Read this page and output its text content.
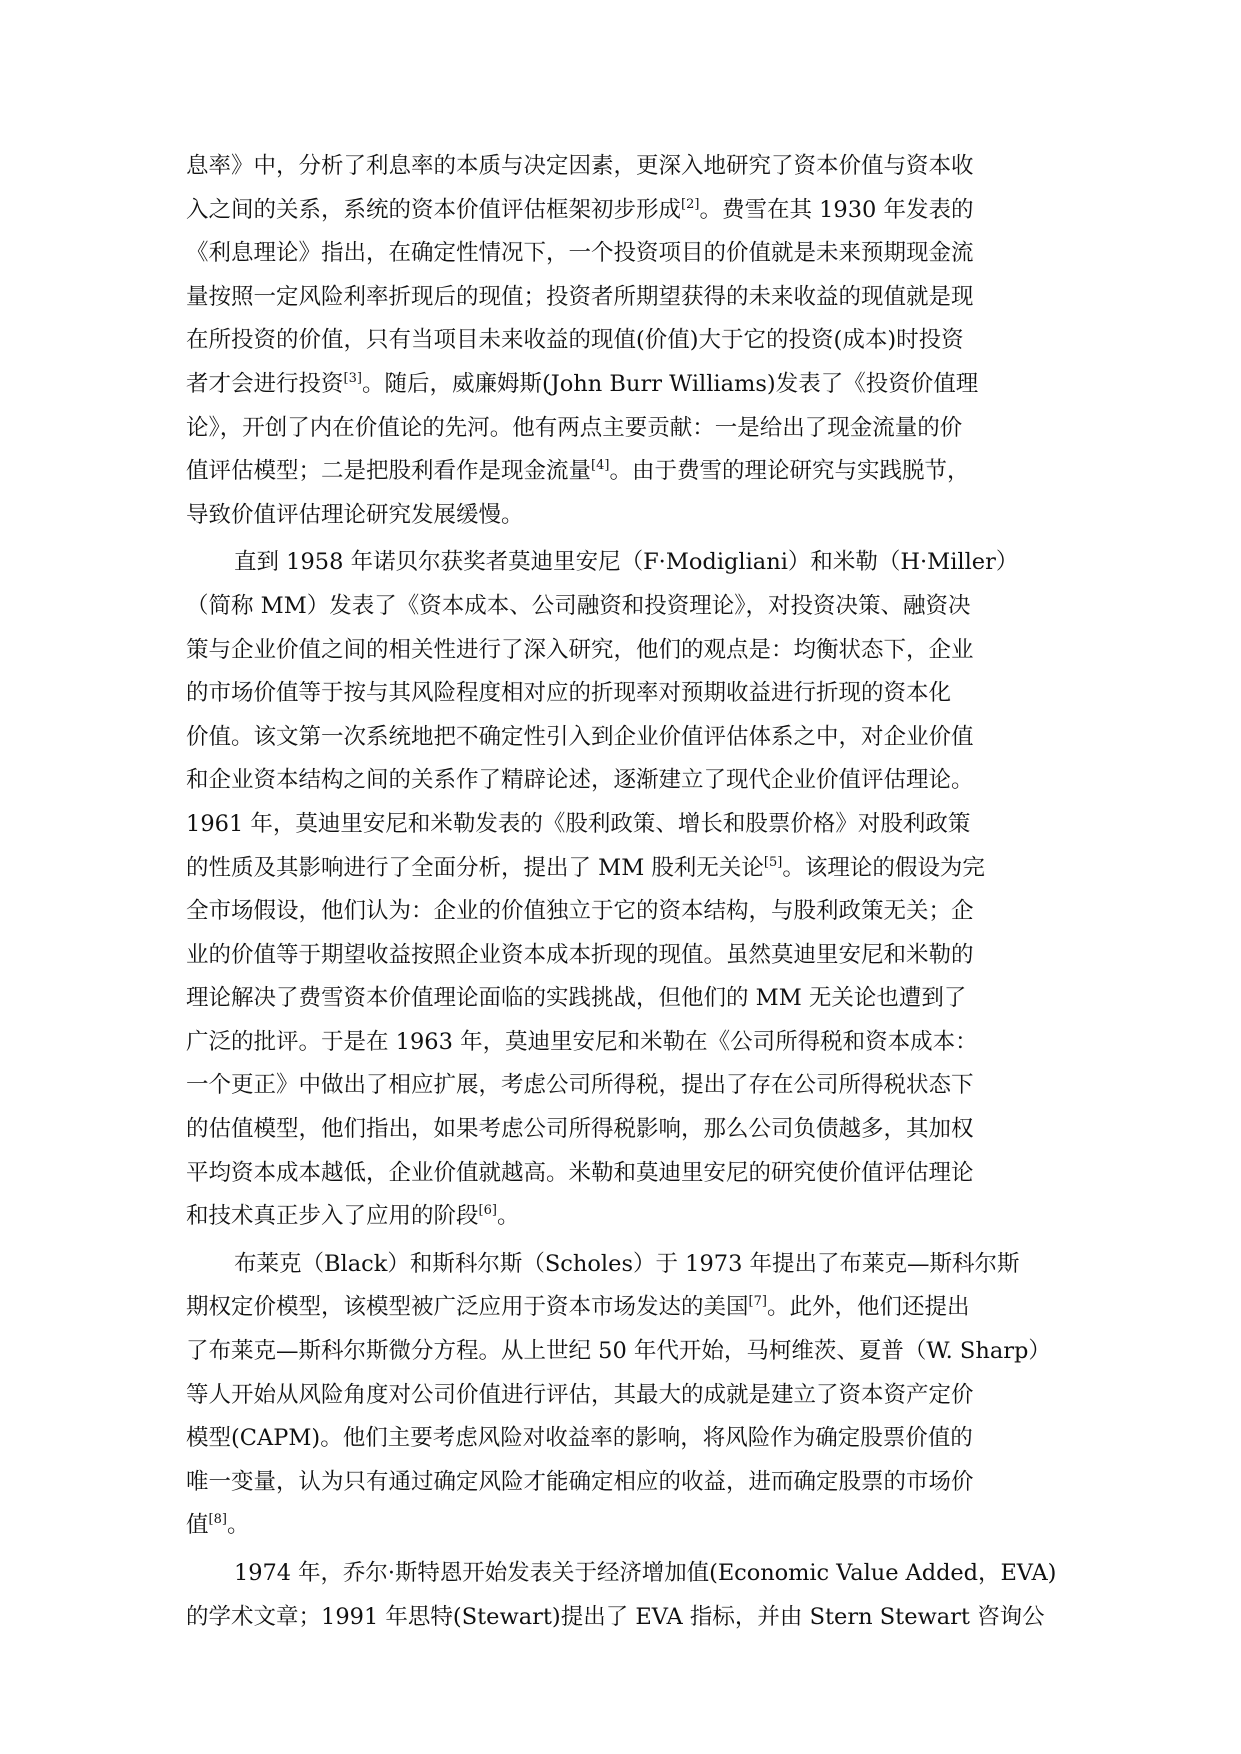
息率》中，分析了利息率的本质与决定因素，更深入地研究了资本价值与资本收
入之间的关系，系统的资本价值评估框架初步形成[2]。费雪在其 1930 年发表的
《利息理论》指出，在确定性情况下，一个投资项目的价值就是未来预期现金流
量按照一定风险利率折现后的现值；投资者所期望获得的未来收益的现值就是现
在所投资的价值，只有当项目未来收益的现值(价值)大于它的投资(成本)时投资
者才会进行投资[3]。随后，威廉姆斯(John Burr Williams)发表了《投资价值理
论》，开创了内在价值论的先河。他有两点主要贡献：一是给出了现金流量的价
值评估模型；二是把股利看作是现金流量[4]。由于费雪的理论研究与实践脱节，
导致价值评估理论研究发展缓慢。
直到 1958 年诺贝尔获奖者莫迪里安尼（F·Modigliani）和米勒（H·Miller）
（简称 MM）发表了《资本成本、公司融资和投资理论》，对投资决策、融资决
策与企业价值之间的相关性进行了深入研究，他们的观点是：均衡状态下，企业
的市场价值等于按与其风险程度相对应的折现率对预期收益进行折现的资本化
价值。该文第一次系统地把不确定性引入到企业价值评估体系之中，对企业价值
和企业资本结构之间的关系作了精辟论述，逐渐建立了现代企业价值评估理论。
1961 年，莫迪里安尼和米勒发表的《股利政策、增长和股票价格》对股利政策
的性质及其影响进行了全面分析，提出了 MM 股利无关论[5]。该理论的假设为完
全市场假设，他们认为：企业的价值独立于它的资本结构，与股利政策无关；企
业的价值等于期望收益按照企业资本成本折现的现值。虽然莫迪里安尼和米勒的
理论解决了费雪资本价值理论面临的实践挑战，但他们的 MM 无关论也遭到了
广泛的批评。于是在 1963 年，莫迪里安尼和米勒在《公司所得税和资本成本：
一个更正》中做出了相应扩展，考虑公司所得税，提出了存在公司所得税状态下
的估值模型，他们指出，如果考虑公司所得税影响，那么公司负债越多，其加权
平均资本成本越低，企业价值就越高。米勒和莫迪里安尼的研究使价值评估理论
和技术真正步入了应用的阶段[6]。
布莱克（Black）和斯科尔斯（Scholes）于 1973 年提出了布莱克—斯科尔斯
期权定价模型，该模型被广泛应用于资本市场发达的美国[7]。此外，他们还提出
了布莱克—斯科尔斯微分方程。从上世纪 50 年代开始，马柯维茨、夏普（W. Sharp）
等人开始从风险角度对公司价值进行评估，其最大的成就是建立了资本资产定价
模型(CAPM)。他们主要考虑风险对收益率的影响，将风险作为确定股票价值的
唯一变量，认为只有通过确定风险才能确定相应的收益，进而确定股票的市场价
值[8]。
1974 年，乔尔·斯特恩开始发表关于经济增加值(Economic Value Added，EVA)
的学术文章；1991 年思特(Stewart)提出了 EVA 指标，并由 Stern Stewart 咨询公
